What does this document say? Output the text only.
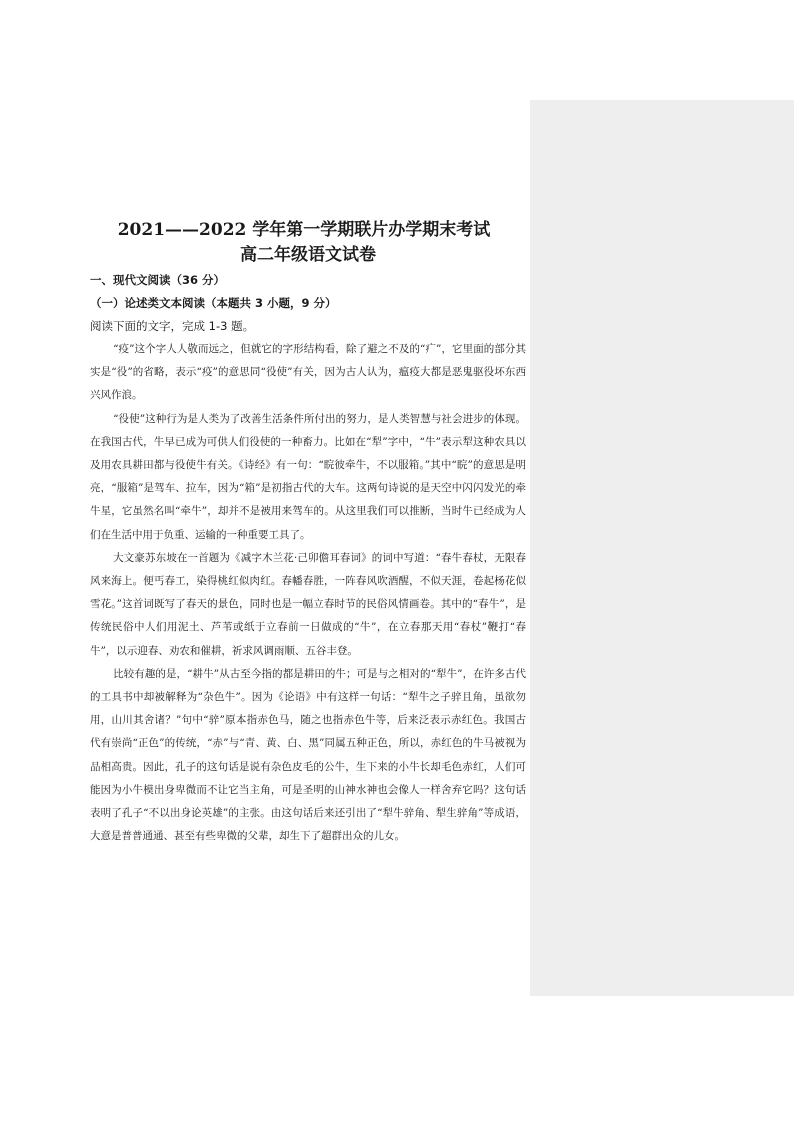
2021——2022 学年第一学期联片办学期末考试
高二年级语文试卷
一、现代文阅读（36 分）
（一）论述类文本阅读（本题共 3 小题，9 分）
阅读下面的文字，完成 1-3 题。

“疫”这个字人人敬而远之，但就它的字形结构看，除了避之不及的“疒”，它里面的部分其实是“役”的省略，表示“疫”的意思同“役使”有关，因为古人认为，瘟疫大都是恶鬼驱役坏东西兴风作浪。

“役使”这种行为是人类为了改善生活条件所付出的努力，是人类智慧与社会进步的体现。在我国古代，牛早已成为可供人们役使的一种畜力。比如在“犁”字中，“牛”表示犁这种农具以及用农具耕田都与役使牛有关。《诗经》有一句：“睆彼牵牛，不以服箱。”其中“睆”的意思是明亮，“服箱”是驾车、拉车，因为“箱”是初指古代的大车。这两句诗说的是天空中闪闪发光的牵牛星，它虽然名叫“牵牛”，却并不是被用来驾车的。从这里我们可以推断，当时牛已经成为人们在生活中用于负重、运输的一种重要工具了。

大文豪苏东坡在一首题为《减字木兰花·己卯儋耳春词》的词中写道：“春牛春杖，无限春风来海上。便丐春工，染得桃红似肉红。春幡春胜，一阵春风吹酒醒，不似天涯，卷起杨花似雪花。”这首词既写了春天的景色，同时也是一幅立春时节的民俗风情画卷。其中的“春牛”，是传统民俗中人们用泥土、芦苇或纸于立春前一日做成的“牛”，在立春那天用“春杖”鞭打“春牛”，以示迎春、劝农和催耕，祈求风调雨顺、五谷丰登。

比较有趣的是，“耕牛”从古至今指的都是耕田的牛；可是与之相对的“犁牛”，在许多古代的工具书中却被解释为“杂色牛”。因为《论语》中有这样一句话：“犁牛之子骍且角，虽欲勿用，山川其舍诸？”句中“骍”原本指赤色马，随之也指赤色牛等，后来泛表示赤红色。我国古代有崇尚“正色”的传统，“赤”与“青、黄、白、黑”同属五种正色，所以，赤红色的牛马被视为品相高贵。因此，孔子的这句话是说有杂色皮毛的公牛，生下来的小牛长却毛色赤红，人们可能因为小牛模出身卑微而不让它当主角，可是圣明的山神水神也会像人一样舍弃它吗？这句话表明了孔子“不以出身论英雄”的主张。由这句话后来还引出了“犁牛骍角、犁生骍角”等成语，大意是普普通通、甚至有些卑微的父辈，却生下了超群出众的儿女。
